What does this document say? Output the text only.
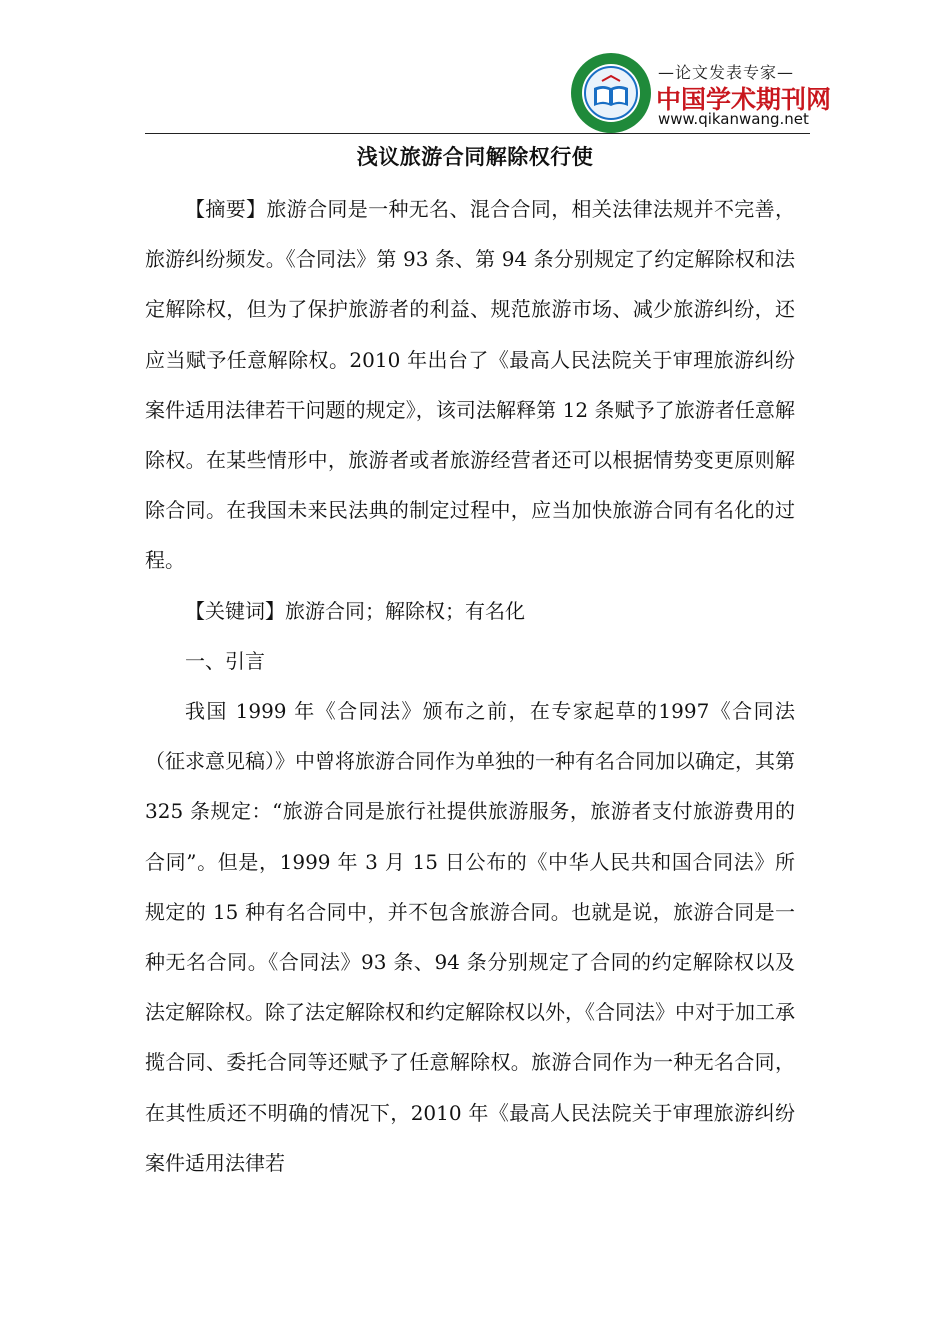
—论文发表专家—
中国学术期刊网
www.qikanwang.net
浅议旅游合同解除权行使

【摘要】旅游合同是一种无名、混合合同，相关法律法规并不完善，旅游纠纷频发。《合同法》第 93 条、第 94 条分别规定了约定解除权和法定解除权，但为了保护旅游者的利益、规范旅游市场、减少旅游纠纷，还应当赋予任意解除权。2010 年出台了《最高人民法院关于审理旅游纠纷案件适用法律若干问题的规定》，该司法解释第 12 条赋予了旅游者任意解除权。在某些情形中，旅游者或者旅游经营者还可以根据情势变更原则解除合同。在我国未来民法典的制定过程中，应当加快旅游合同有名化的过程。

【关键词】旅游合同；解除权；有名化

一、引言

我国 1999 年《合同法》颁布之前，在专家起草的1997《合同法（征求意见稿）》中曾将旅游合同作为单独的一种有名合同加以确定，其第 325 条规定：“旅游合同是旅行社提供旅游服务，旅游者支付旅游费用的合同”。但是，1999 年 3 月 15 日公布的《中华人民共和国合同法》所规定的 15 种有名合同中，并不包含旅游合同。也就是说，旅游合同是一种无名合同。《合同法》93 条、94 条分别规定了合同的约定解除权以及法定解除权。除了法定解除权和约定解除权以外，《合同法》中对于加工承揽合同、委托合同等还赋予了任意解除权。旅游合同作为一种无名合同，在其性质还不明确的情况下，2010 年《最高人民法院关于审理旅游纠纷案件适用法律若
